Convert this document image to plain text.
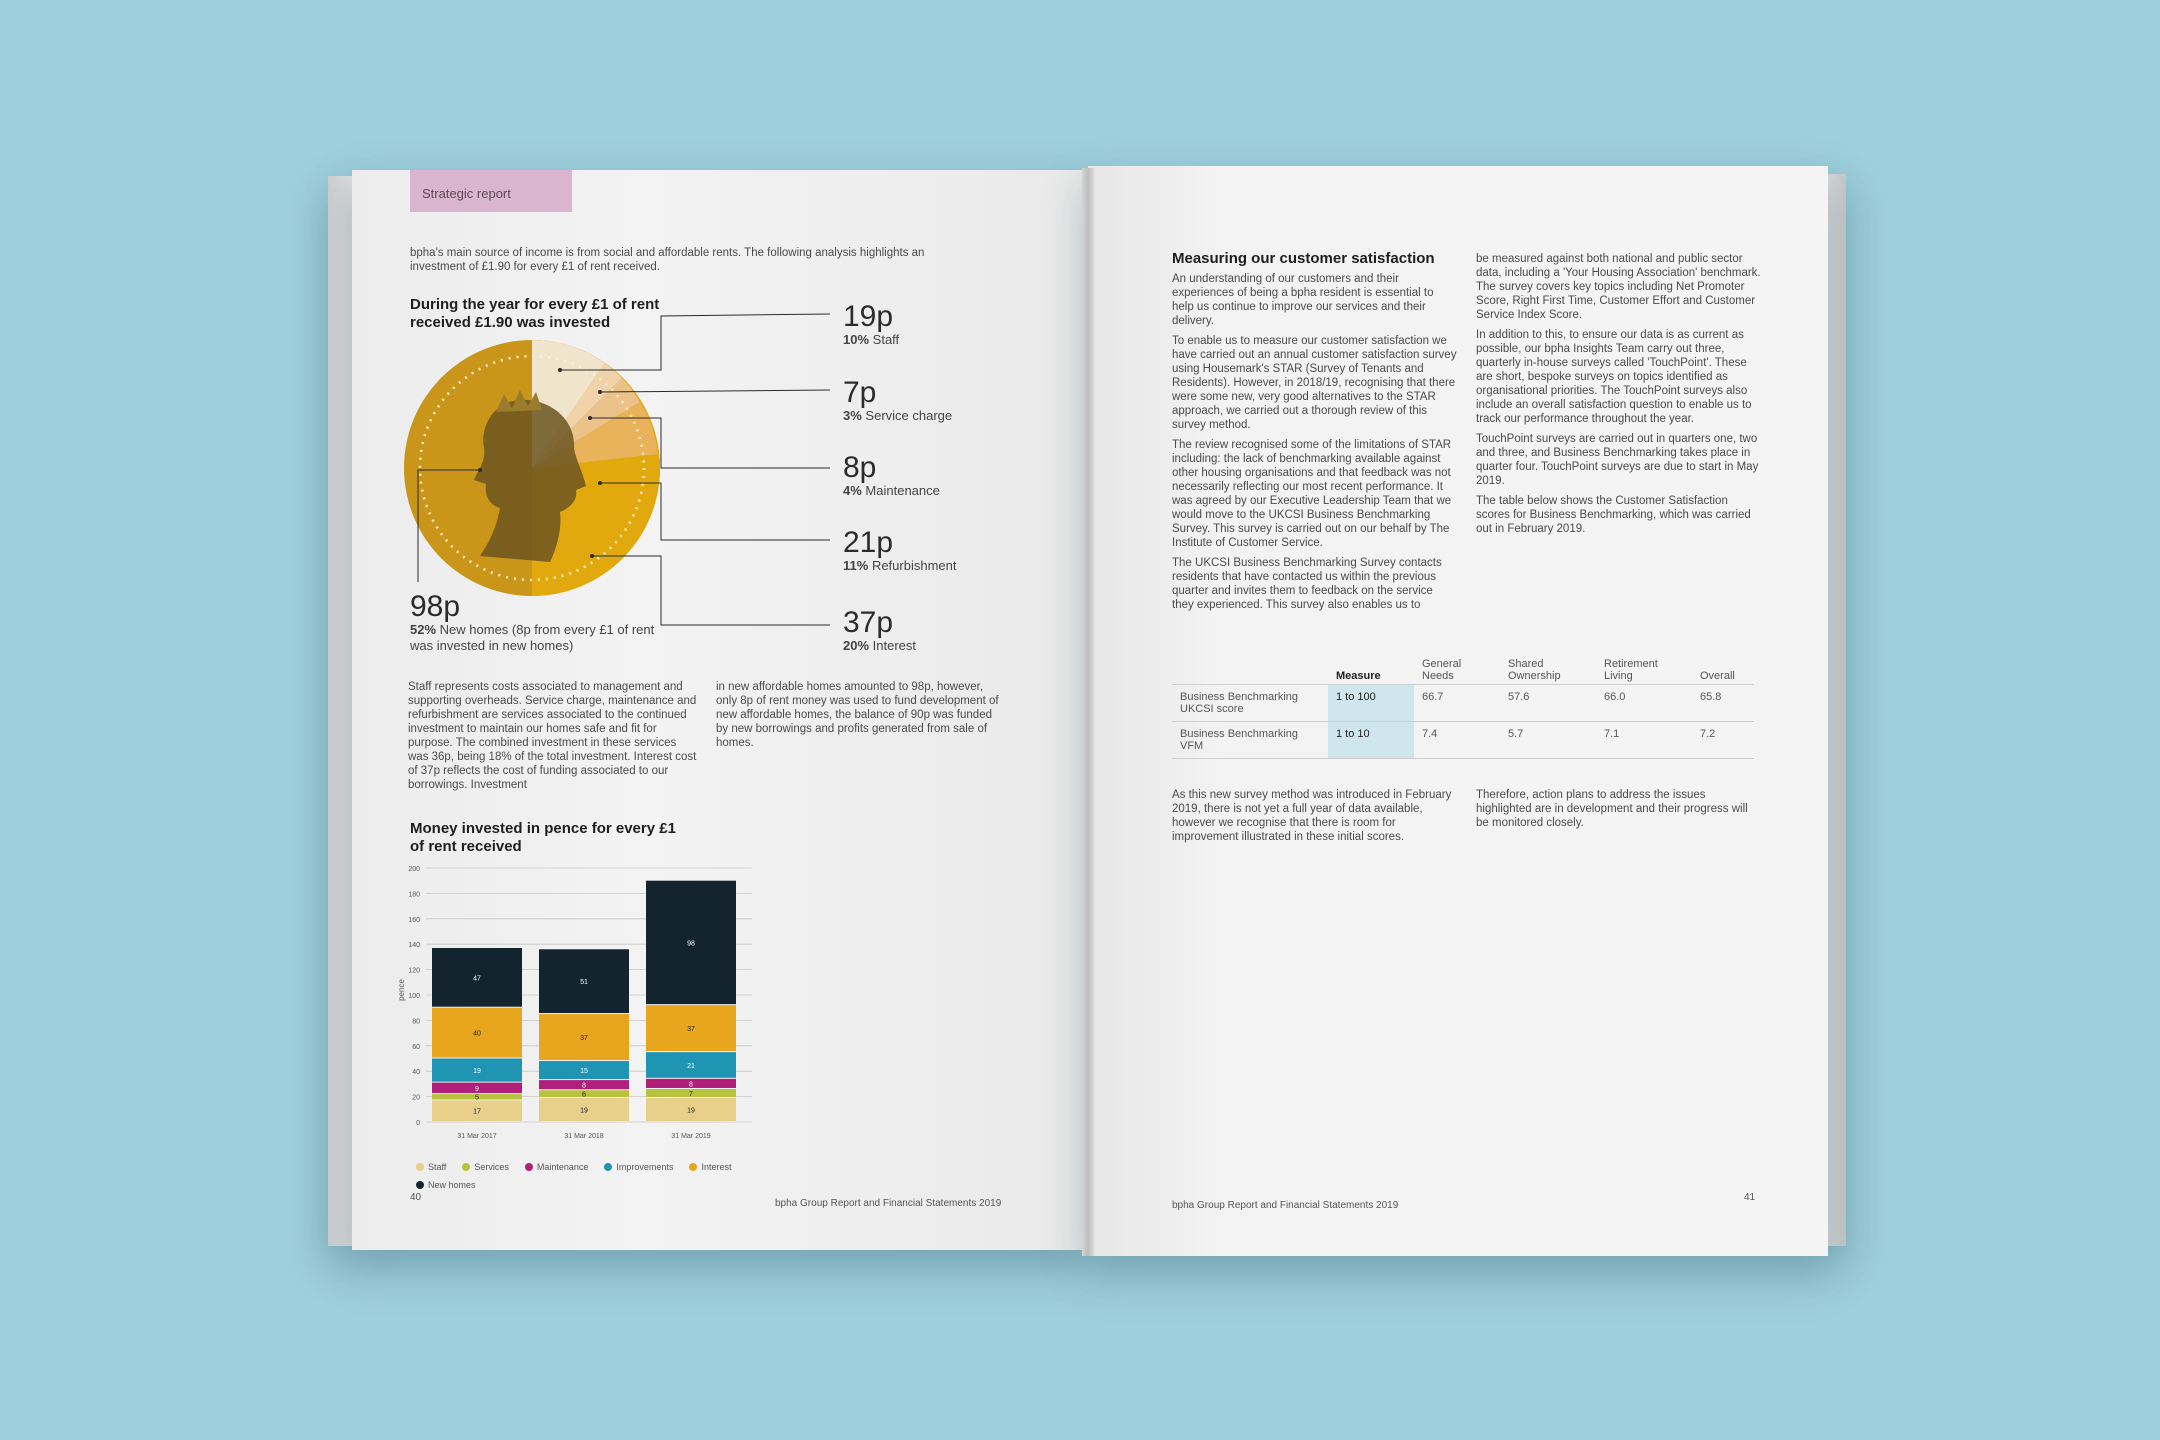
Strategic report
bpha's main source of income is from social and affordable rents. The following analysis highlights an investment of £1.90 for every £1 of rent received.
During the year for every £1 of rent received £1.90 was invested	19p
10% Staff
7p
3% Service charge
8p
4% Maintenance
21p
11% Refurbishment
37p
20% Interest
98p
52% New homes (8p from every £1 of rent was invested in new homes)
Staff represents costs associated to management and supporting overheads. Service charge, maintenance and refurbishment are services associated to the continued investment to maintain our homes safe and fit for purpose. The combined investment in these services was 36p, being 18% of the total investment. Interest cost of 37p reflects the cost of funding associated to our borrowings. Investment
in new affordable homes amounted to 98p, however, only 8p of rent money was used to fund development of new affordable homes, the balance of 90p was funded by new borrowings and profits generated from sale of homes.
Money invested in pence for every £1 of rent received
0
20
40
60
80
100
120
140
160
180
200
17
5
9
19
40
47
19
6
8
15
37
51
19
7
8
21
37
98
31 Mar 2017	31 Mar 2018	31 Mar 2019
pence
Staff	Services	Maintenance	Improvements	Interest
New homes
40
bpha Group Report and Financial Statements 2019
Measuring our customer satisfaction

An understanding of our customers and their experiences of being a bpha resident is essential to help us continue to improve our services and their delivery.

To enable us to measure our customer satisfaction we have carried out an annual customer satisfaction survey using Housemark's STAR (Survey of Tenants and Residents). However, in 2018/19, recognising that there were some new, very good alternatives to the STAR approach, we carried out a thorough review of this survey method.

The review recognised some of the limitations of STAR including: the lack of benchmarking available against other housing organisations and that feedback was not necessarily reflecting our most recent performance. It was agreed by our Executive Leadership Team that we would move to the UKCSI Business Benchmarking Survey. This survey is carried out on our behalf by The Institute of Customer Service.

The UKCSI Business Benchmarking Survey contacts residents that have contacted us within the previous quarter and invites them to feedback on the service they experienced. This survey also enables us to

be measured against both national and public sector data, including a 'Your Housing Association' benchmark. The survey covers key topics including Net Promoter Score, Right First Time, Customer Effort and Customer Service Index Score.

In addition to this, to ensure our data is as current as possible, our bpha Insights Team carry out three, quarterly in-house surveys called 'TouchPoint'. These are short, bespoke surveys on topics identified as organisational priorities. The TouchPoint surveys also include an overall satisfaction question to enable us to track our performance throughout the year.

TouchPoint surveys are carried out in quarters one, two and three, and Business Benchmarking takes place in quarter four. TouchPoint surveys are due to start in May 2019.

The table below shows the Customer Satisfaction scores for Business Benchmarking, which was carried out in February 2019.

	Measure	General Needs	Shared Ownership	Retirement Living	Overall
Business Benchmarking UKCSI score	1 to 100	66.7	57.6	66.0	65.8
Business Benchmarking VFM	1 to 10	7.4	5.7	7.1	7.2
As this new survey method was introduced in February 2019, there is not yet a full year of data available, however we recognise that there is room for improvement illustrated in these initial scores.
Therefore, action plans to address the issues highlighted are in development and their progress will be monitored closely.
bpha Group Report and Financial Statements 2019
41
